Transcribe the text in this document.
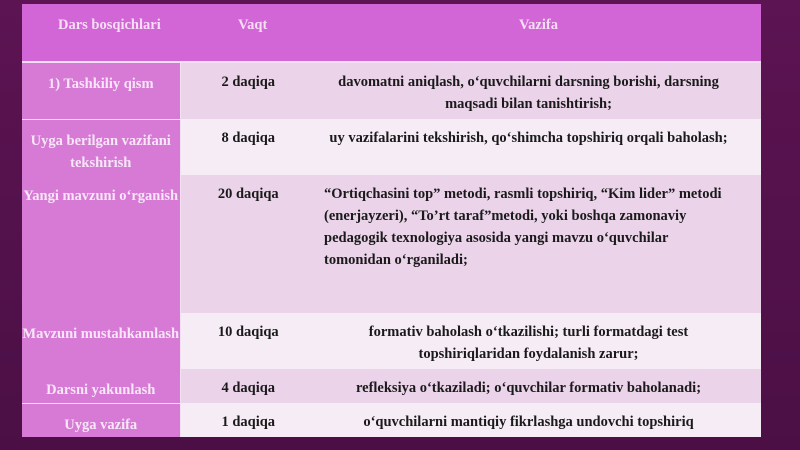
Dars bosqichlari	Vaqt	Vazifa
1) Tashkiliy qism	2 daqiqa	davomatni aniqlash, o‘quvchilarni darsning borishi, darsning maqsadi bilan tanishtirish;
Uyga berilgan vazifani tekshirish	8 daqiqa	uy vazifalarini tekshirish, qo‘shimcha topshiriq orqali baholash;
Yangi mavzuni o‘rganish	20 daqiqa	“Ortiqchasini top” metodi, rasmli topshiriq, “Kim lider” metodi (enerjayzeri), “To’rt taraf”metodi, yoki boshqa zamonaviy pedagogik texnologiya asosida yangi mavzu o‘quvchilar tomonidan o‘rganiladi;
Mavzuni mustahkamlash	10 daqiqa	formativ baholash o‘tkazilishi; turli formatdagi test topshiriqlaridan foydalanish zarur;
Darsni yakunlash	4 daqiqa	refleksiya o‘tkaziladi; o‘quvchilar formativ baholanadi;
Uyga vazifa	1 daqiqa	o‘quvchilarni mantiqiy fikrlashga undovchi topshiriq
